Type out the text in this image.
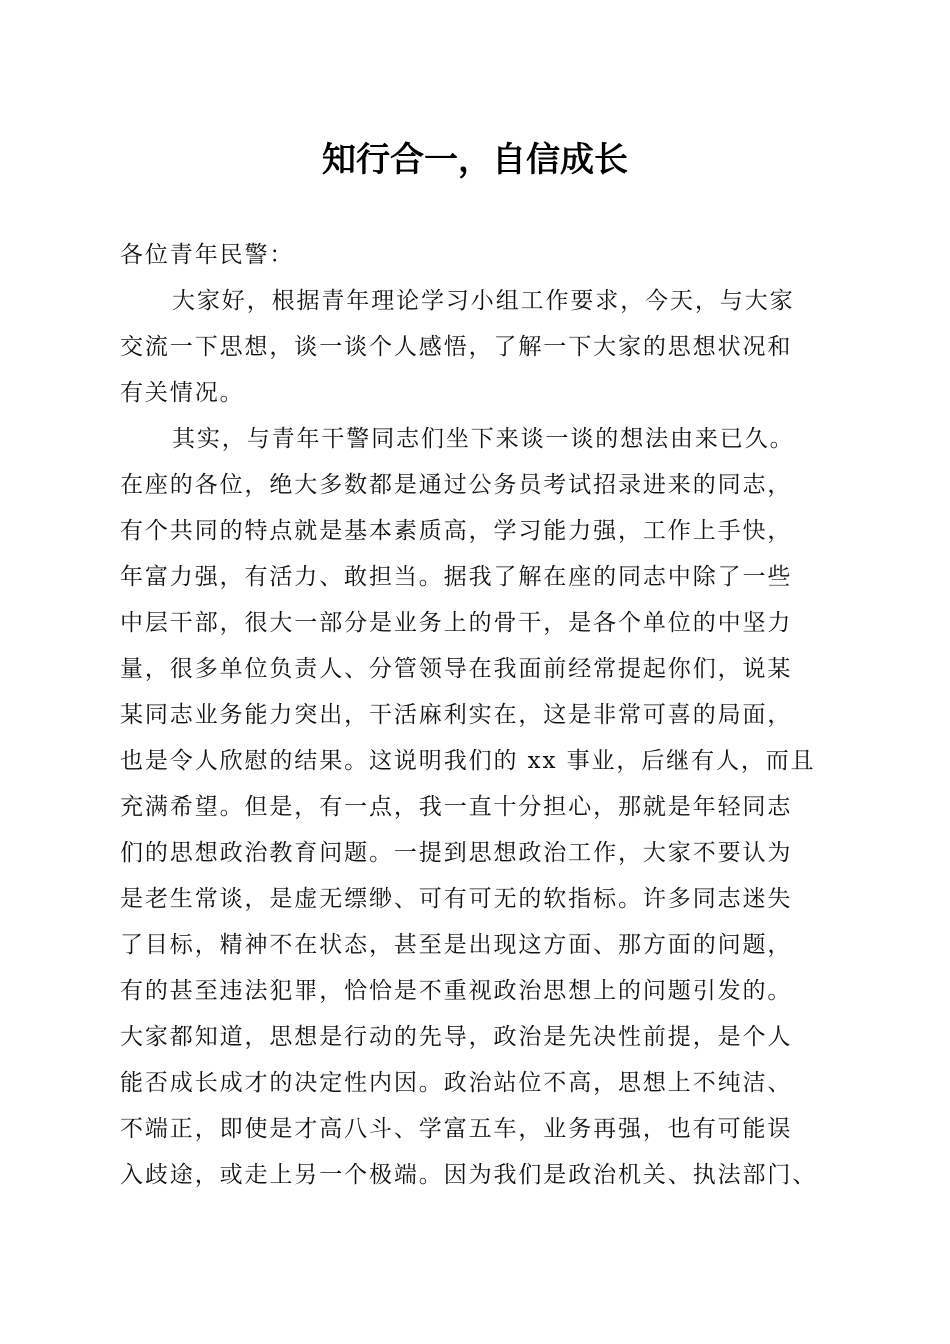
知行合一，自信成长
各位青年民警：
大家好，根据青年理论学习小组工作要求，今天，与大家
交流一下思想，谈一谈个人感悟，了解一下大家的思想状况和
有关情况。
其实，与青年干警同志们坐下来谈一谈的想法由来已久。
在座的各位，绝大多数都是通过公务员考试招录进来的同志，
有个共同的特点就是基本素质高，学习能力强，工作上手快，
年富力强，有活力、敢担当。据我了解在座的同志中除了一些
中层干部，很大一部分是业务上的骨干，是各个单位的中坚力
量，很多单位负责人、分管领导在我面前经常提起你们，说某
某同志业务能力突出，干活麻利实在，这是非常可喜的局面，
也是令人欣慰的结果。这说明我们的 xx 事业，后继有人，而且
充满希望。但是，有一点，我一直十分担心，那就是年轻同志
们的思想政治教育问题。一提到思想政治工作，大家不要认为
是老生常谈，是虚无缥缈、可有可无的软指标。许多同志迷失
了目标，精神不在状态，甚至是出现这方面、那方面的问题，
有的甚至违法犯罪，恰恰是不重视政治思想上的问题引发的。
大家都知道，思想是行动的先导，政治是先决性前提，是个人
能否成长成才的决定性内因。政治站位不高，思想上不纯洁、
不端正，即使是才高八斗、学富五车，业务再强，也有可能误
入歧途，或走上另一个极端。因为我们是政治机关、执法部门、
